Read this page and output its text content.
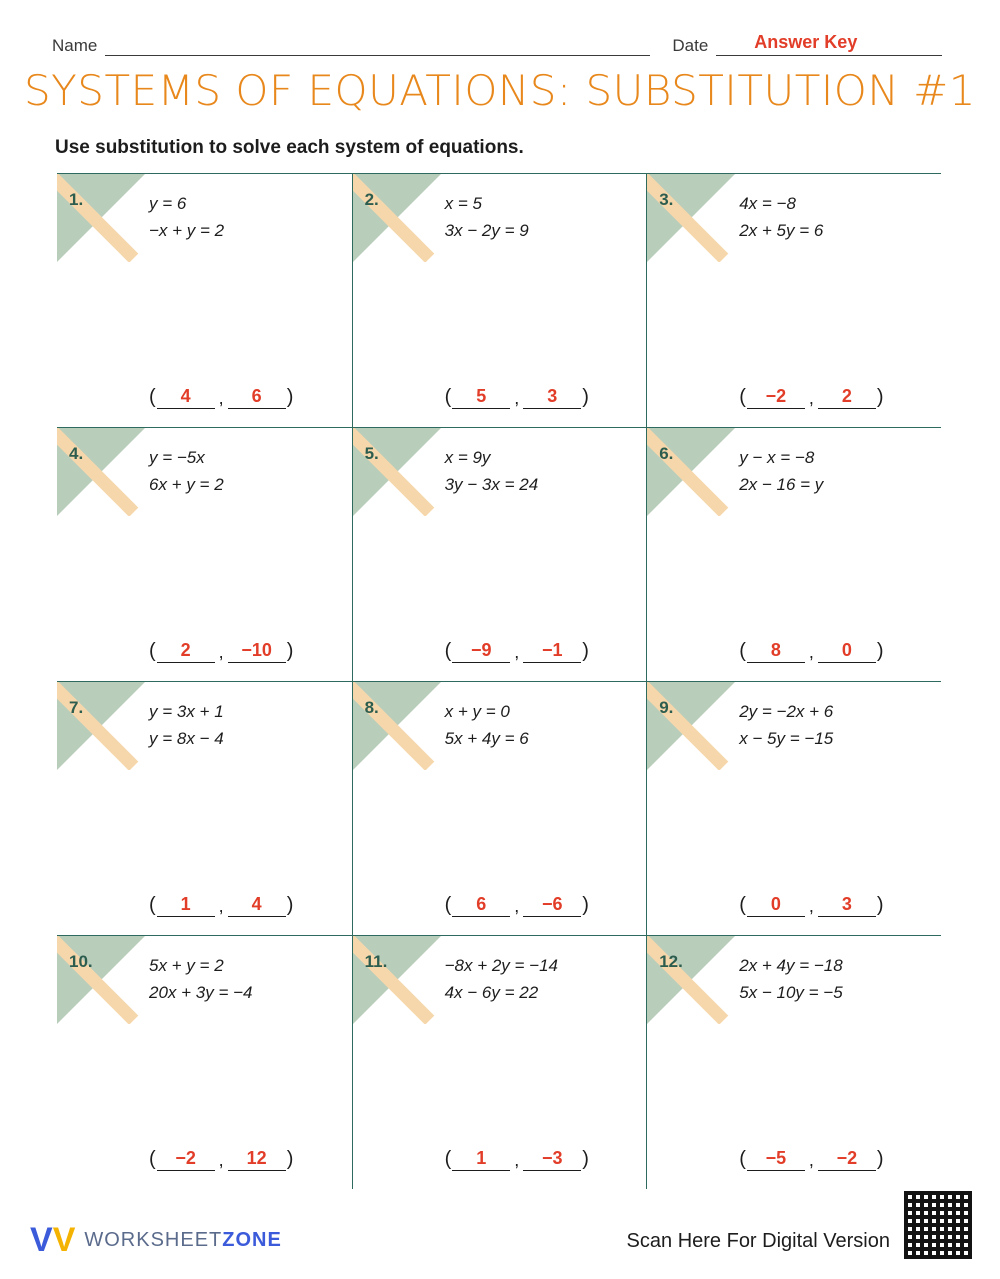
Name	Date	Answer Key
SYSTEMS OF EQUATIONS: SUBSTITUTION #1
Use substitution to solve each system of equations.
1.	y = 6
−x + y = 2
(	4	,	6	)
2.	x = 5
3x − 2y = 9
(	5	,	3	)
3.	4x = −8
2x + 5y = 6
(	−2	,	2	)
4.	y = −5x
6x + y = 2
(	2	, −10 )
5.	x = 9y
3y − 3x = 24
(	−9	,	−1 )
6.	y − x = −8
2x − 16 = y
(	8	,	0	)
7.	y = 3x + 1
y = 8x − 4
(	1	,	4	)
8.	x + y = 0
5x + 4y = 6
(	6	,	−6 )
9.	2y = −2x + 6
x − 5y = −15
(	0	,	3	)
10.	5x + y = 2
20x + 3y = −4
(	−2	,	12 )
11.	−8x + 2y = −14
4x − 6y = 22
(	1	,	−3 )
12.	2x + 4y = −18
5x − 10y = −5
(	−5	,	−2 )
VV WORKSHEETZONE	Scan Here For Digital Version
